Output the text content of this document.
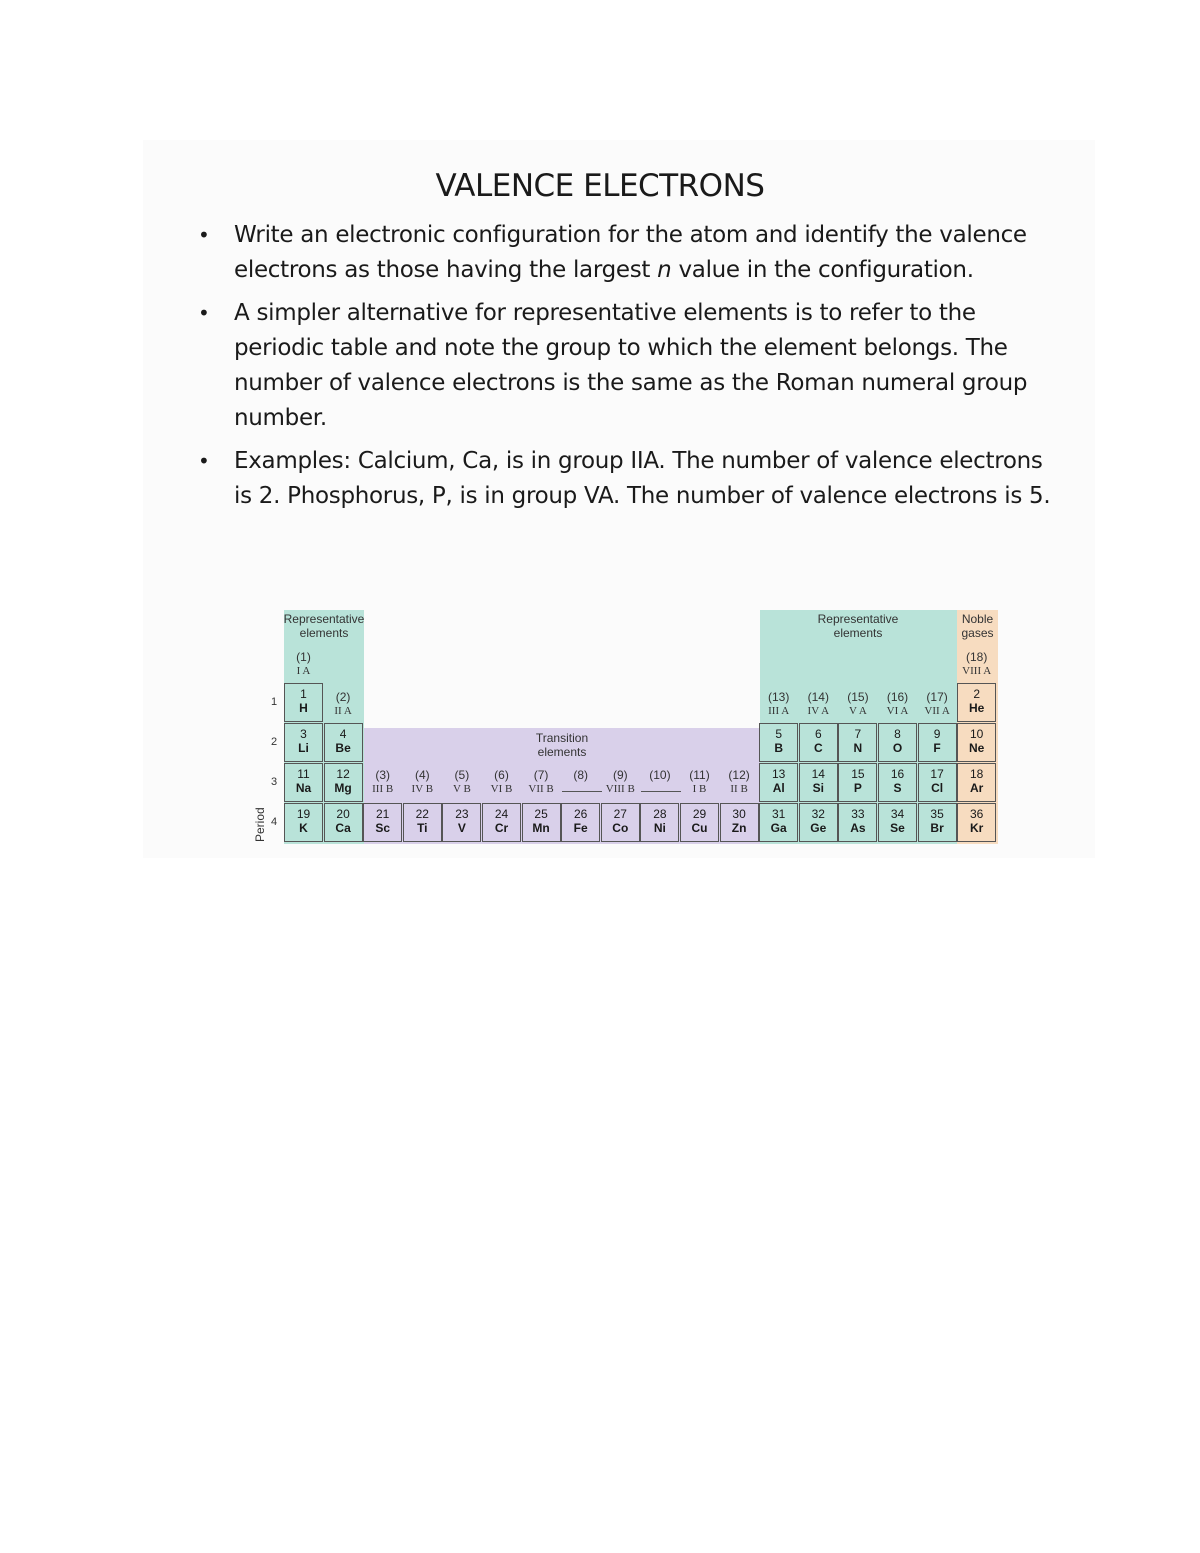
VALENCE ELECTRONS
• Write an electronic configuration for the atom and identify the valence electrons as those having the largest n value in the configuration.
• A simpler alternative for representative elements is to refer to the periodic table and note the group to which the element belongs. The number of valence electrons is the same as the Roman numeral group number.
• Examples: Calcium, Ca, is in group IIA. The number of valence electrons is 2. Phosphorus, P, is in group VA. The number of valence electrons is 5.
Representative elements
Representative elements
Noble gases
Transition elements
Period
(1)
I A
(2)
II A
(3)
III B
(4)
IV B
(5)
V B
(6)
VI B
(7)
VII B
(8)	(9)
VIII B
(10)	(11)
I B
(12)
II B
(13)
III A
(14)
IV A
(15)
V A
(16)
VI A
(17)
VII A
(18)
VIII A
1
2
3
4
1
H
2
He
3
Li
4
Be
5
B
6
C
7
N
8
O
9
F
10
Ne
11
Na
12
Mg
13
Al
14
Si
15
P
16
S
17
Cl
18
Ar
19
K
20
Ca
21
Sc
22
Ti
23
V
24
Cr
25
Mn
26
Fe
27
Co
28
Ni
29
Cu
30
Zn
31
Ga
32
Ge
33
As
34
Se
35
Br
36
Kr
